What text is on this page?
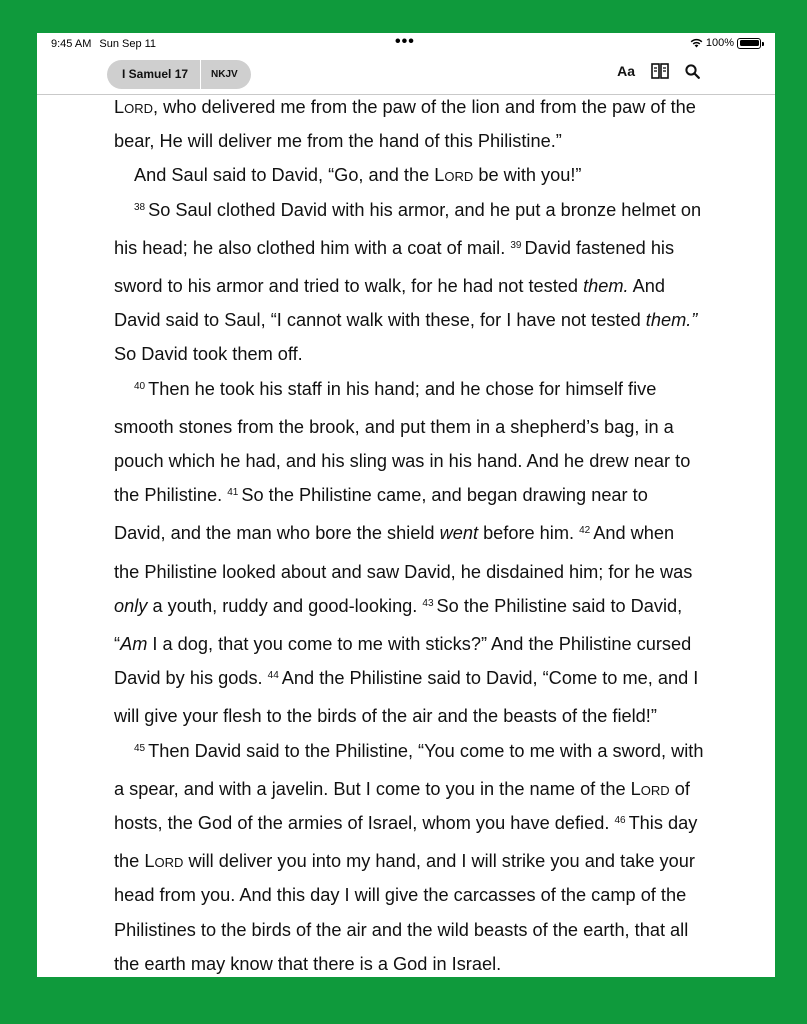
9:45 AM Sun Sep 11	•••	100%
I Samuel 17	NKJV	Aa

Lord, who delivered me from the paw of the lion and from the paw of the bear, He will deliver me from the hand of this Philistine.”

And Saul said to David, “Go, and the Lord be with you!”

$^{38}$ So Saul clothed David with his armor, and he put a bronze helmet on his head; he also clothed him with a coat of mail. $^{39}$ David fastened his sword to his armor and tried to walk, for he had not tested them. And David said to Saul, “I cannot walk with these, for I have not tested them.” So David took them off.

$^{40}$ Then he took his staff in his hand; and he chose for himself five smooth stones from the brook, and put them in a shepherd’s bag, in a pouch which he had, and his sling was in his hand. And he drew near to the Philistine. $^{41}$ So the Philistine came, and began drawing near to David, and the man who bore the shield went before him. $^{42}$ And when the Philistine looked about and saw David, he disdained him; for he was only a youth, ruddy and good-looking. $^{43}$ So the Philistine said to David, “Am I a dog, that you come to me with sticks?” And the Philistine cursed David by his gods. $^{44}$ And the Philistine said to David, “Come to me, and I will give your flesh to the birds of the air and the beasts of the field!”

$^{45}$ Then David said to the Philistine, “You come to me with a sword, with a spear, and with a javelin. But I come to you in the name of the Lord of hosts, the God of the armies of Israel, whom you have defied. $^{46}$ This day the Lord will deliver you into my hand, and I will strike you and take your head from you. And this day I will give the carcasses of the camp of the Philistines to the birds of the air and the wild beasts of the earth, that all the earth may know that there is a God in Israel.
